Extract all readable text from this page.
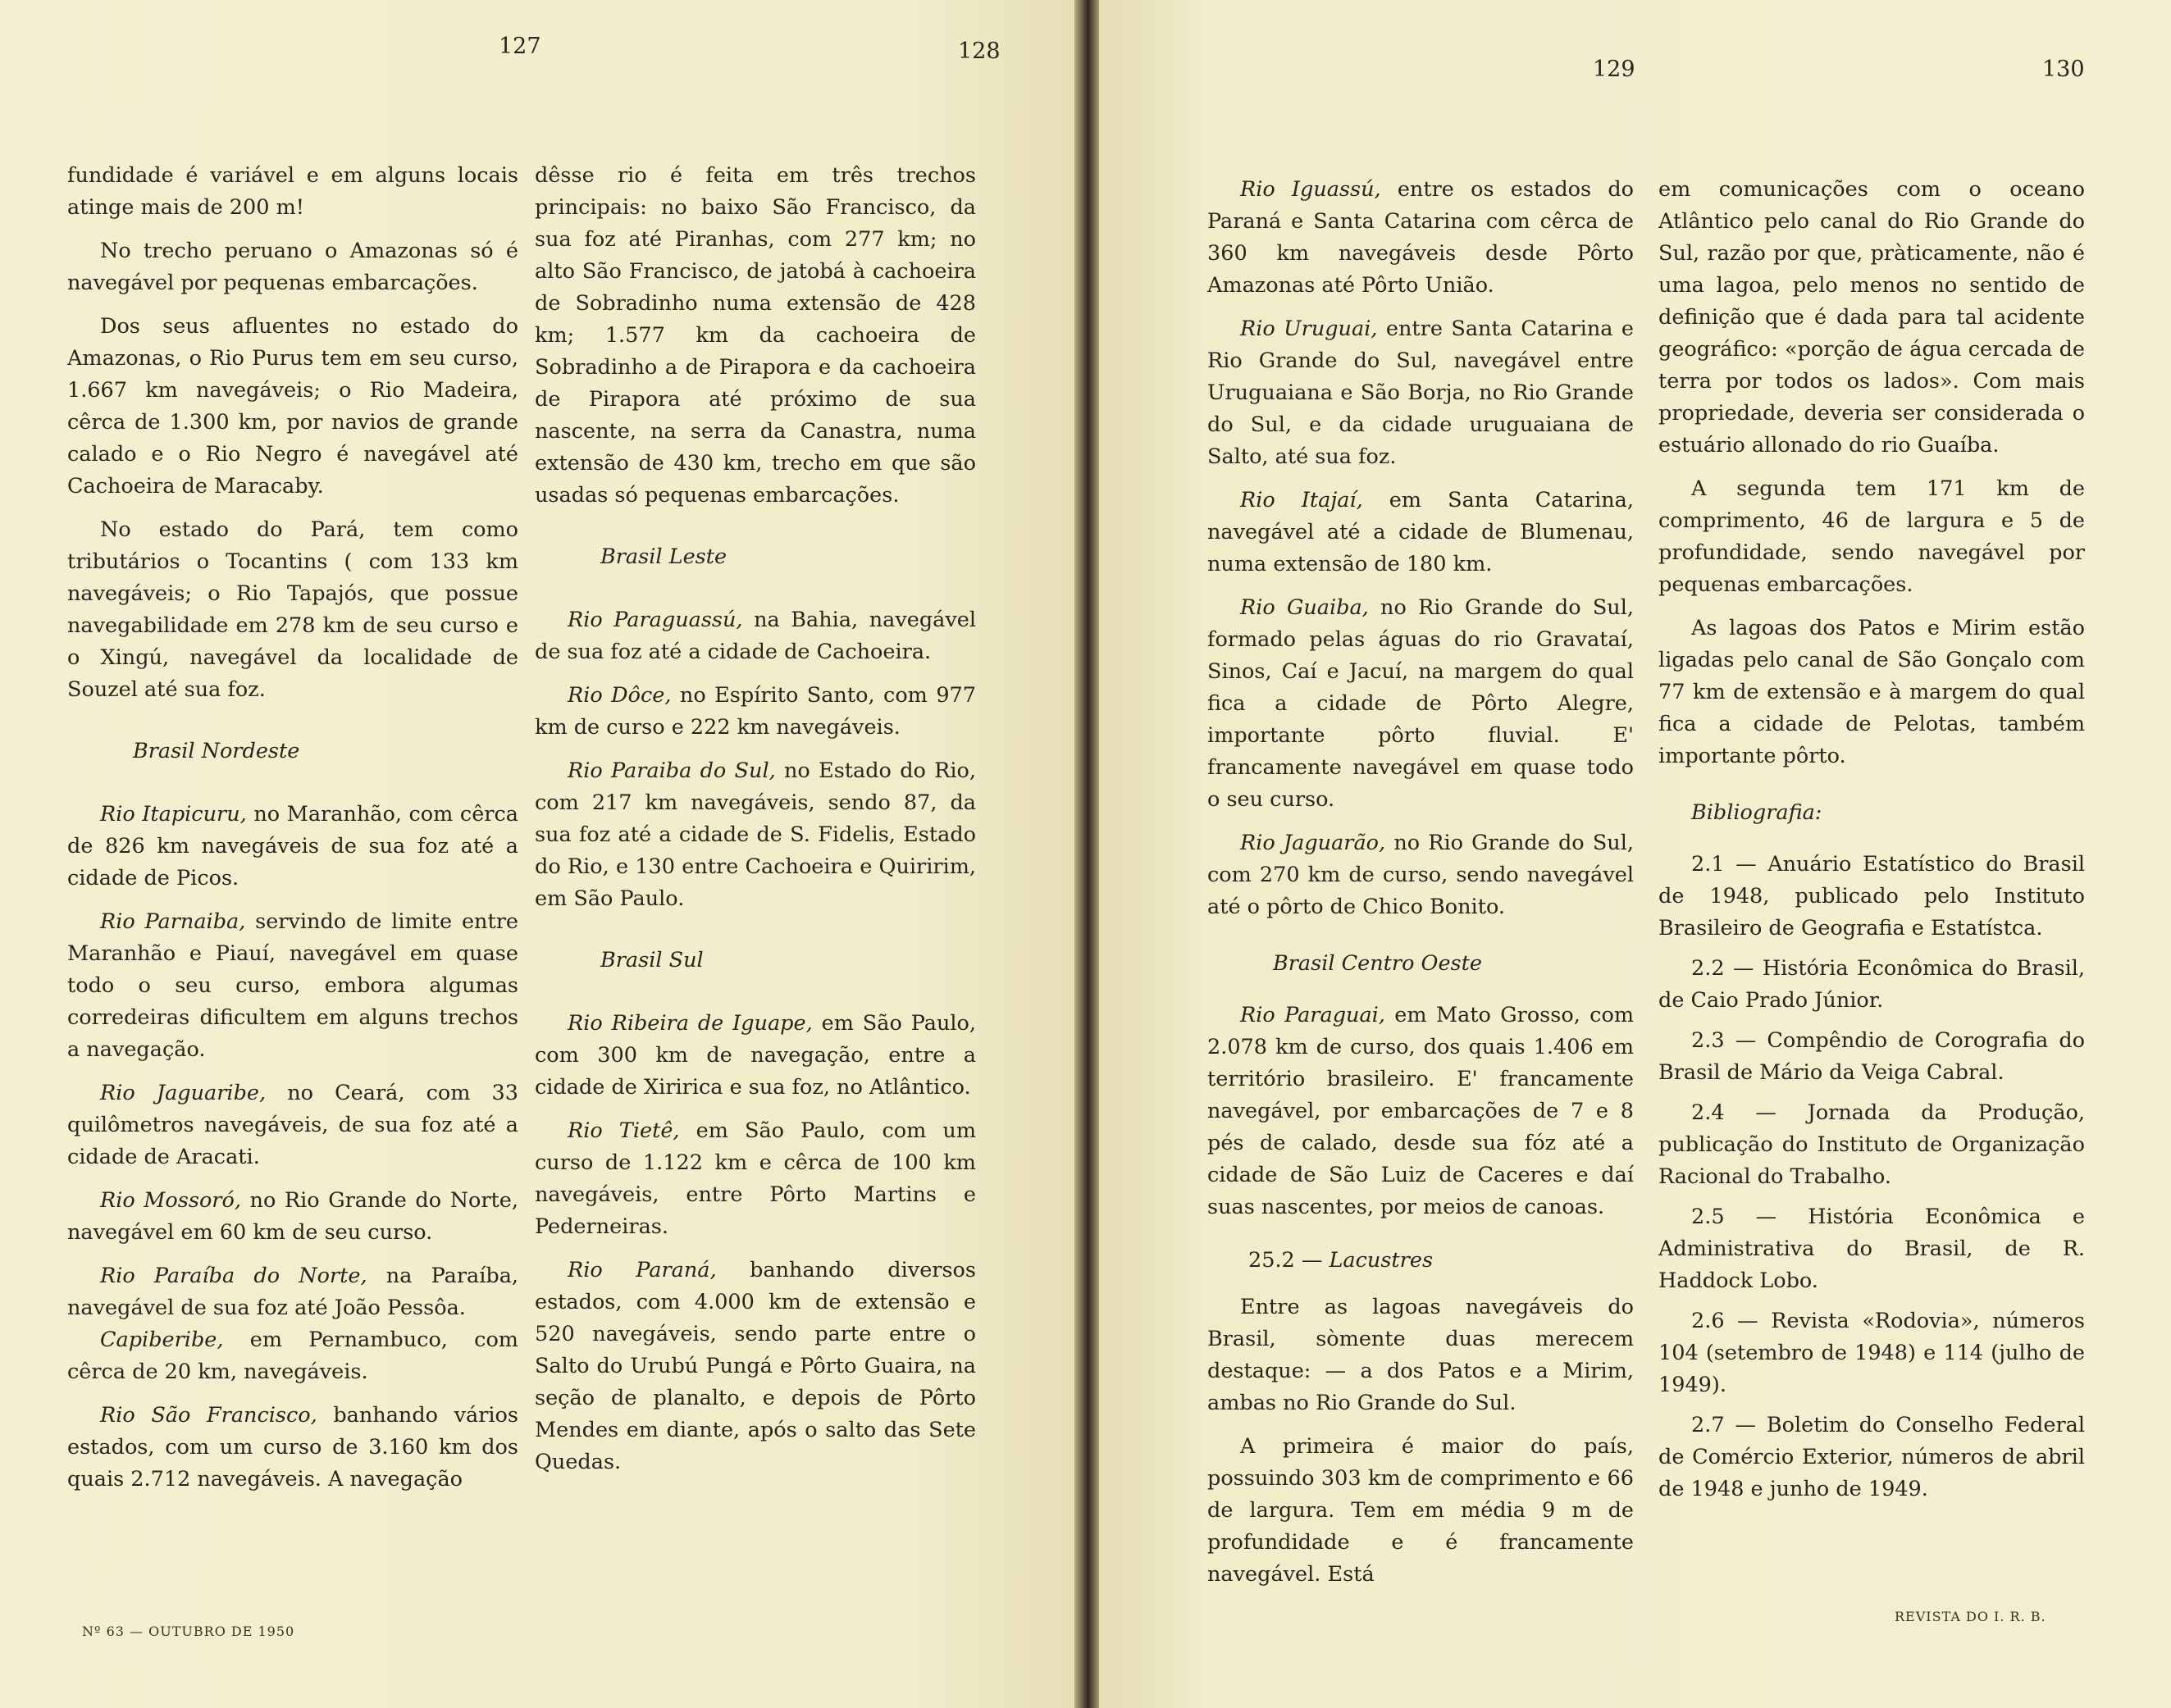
127	128
129	130

fundidade é variável e em alguns locais atinge mais de 200 m!

No trecho peruano o Amazonas só é navegável por pequenas embarcações.

Dos seus afluentes no estado do Amazonas, o Rio Purus tem em seu curso, 1.667 km navegáveis; o Rio Madeira, cêrca de 1.300 km, por navios de grande calado e o Rio Negro é navegável até Cachoeira de Maracaby.

No estado do Pará, tem como tributários o Tocantins ( com 133 km navegáveis; o Rio Tapajós, que possue navegabilidade em 278 km de seu curso e o Xingú, navegável da localidade de Souzel até sua foz.

Brasil Nordeste

Rio Itapicuru, no Maranhão, com cêrca de 826 km navegáveis de sua foz até a cidade de Picos.

Rio Parnaiba, servindo de limite entre Maranhão e Piauí, navegável em quase todo o seu curso, embora algumas corredeiras dificultem em alguns trechos a navegação.

Rio Jaguaribe, no Ceará, com 33 quilômetros navegáveis, de sua foz até a cidade de Aracati.

Rio Mossoró, no Rio Grande do Norte, navegável em 60 km de seu curso.

Rio Paraíba do Norte, na Paraíba, navegável de sua foz até João Pessôa.

Capiberibe, em Pernambuco, com cêrca de 20 km, navegáveis.

Rio São Francisco, banhando vários estados, com um curso de 3.160 km dos quais 2.712 navegáveis. A navegação

dêsse rio é feita em três trechos principais: no baixo São Francisco, da sua foz até Piranhas, com 277 km; no alto São Francisco, de jatobá à cachoeira de Sobradinho numa extensão de 428 km; 1.577 km da cachoeira de Sobradinho a de Pirapora e da cachoeira de Pirapora até próximo de sua nascente, na serra da Canastra, numa extensão de 430 km, trecho em que são usadas só pequenas embarcações.

Brasil Leste

Rio Paraguassú, na Bahia, navegável de sua foz até a cidade de Cachoeira.

Rio Dôce, no Espírito Santo, com 977 km de curso e 222 km navegáveis.

Rio Paraiba do Sul, no Estado do Rio, com 217 km navegáveis, sendo 87, da sua foz até a cidade de S. Fidelis, Estado do Rio, e 130 entre Cachoeira e Quiririm, em São Paulo.

Brasil Sul

Rio Ribeira de Iguape, em São Paulo, com 300 km de navegação, entre a cidade de Xiririca e sua foz, no Atlântico.

Rio Tietê, em São Paulo, com um curso de 1.122 km e cêrca de 100 km navegáveis, entre Pôrto Martins e Pederneiras.

Rio Paraná, banhando diversos estados, com 4.000 km de extensão e 520 navegáveis, sendo parte entre o Salto do Urubú Pungá e Pôrto Guaira, na seção de planalto, e depois de Pôrto Mendes em diante, após o salto das Sete Quedas.

Rio Iguassú, entre os estados do Paraná e Santa Catarina com cêrca de 360 km navegáveis desde Pôrto Amazonas até Pôrto União.

Rio Uruguai, entre Santa Catarina e Rio Grande do Sul, navegável entre Uruguaiana e São Borja, no Rio Grande do Sul, e da cidade uruguaiana de Salto, até sua foz.

Rio Itajaí, em Santa Catarina, navegável até a cidade de Blumenau, numa extensão de 180 km.

Rio Guaiba, no Rio Grande do Sul, formado pelas águas do rio Gravataí, Sinos, Caí e Jacuí, na margem do qual fica a cidade de Pôrto Alegre, importante pôrto fluvial. E' francamente navegável em quase todo o seu curso.

Rio Jaguarão, no Rio Grande do Sul, com 270 km de curso, sendo navegável até o pôrto de Chico Bonito.

Brasil Centro Oeste

Rio Paraguai, em Mato Grosso, com 2.078 km de curso, dos quais 1.406 em território brasileiro. E' francamente navegável, por embarcações de 7 e 8 pés de calado, desde sua fóz até a cidade de São Luiz de Caceres e daí suas nascentes, por meios de canoas.

25.2 — Lacustres

Entre as lagoas navegáveis do Brasil, sòmente duas merecem destaque: — a dos Patos e a Mirim, ambas no Rio Grande do Sul.

A primeira é maior do país, possuindo 303 km de comprimento e 66 de largura. Tem em média 9 m de profundidade e é francamente navegável. Está

em comunicações com o oceano Atlântico pelo canal do Rio Grande do Sul, razão por que, pràticamente, não é uma lagoa, pelo menos no sentido de definição que é dada para tal acidente geográfico: «porção de água cercada de terra por todos os lados». Com mais propriedade, deveria ser considerada o estuário allonado do rio Guaíba.

A segunda tem 171 km de comprimento, 46 de largura e 5 de profundidade, sendo navegável por pequenas embarcações.

As lagoas dos Patos e Mirim estão ligadas pelo canal de São Gonçalo com 77 km de extensão e à margem do qual fica a cidade de Pelotas, também importante pôrto.

Bibliografia:

2.1 — Anuário Estatístico do Brasil de 1948, publicado pelo Instituto Brasileiro de Geografia e Estatístca.

2.2 — História Econômica do Brasil, de Caio Prado Júnior.

2.3 — Compêndio de Corografia do Brasil de Mário da Veiga Cabral.

2.4 — Jornada da Produção, publicação do Instituto de Organização Racional do Trabalho.

2.5 — História Econômica e Administrativa do Brasil, de R. Haddock Lobo.

2.6 — Revista «Rodovia», números 104 (setembro de 1948) e 114 (julho de 1949).

2.7 — Boletim do Conselho Federal de Comércio Exterior, números de abril de 1948 e junho de 1949.

Nº 63 — OUTUBRO DE 1950
REVISTA DO I. R. B.
